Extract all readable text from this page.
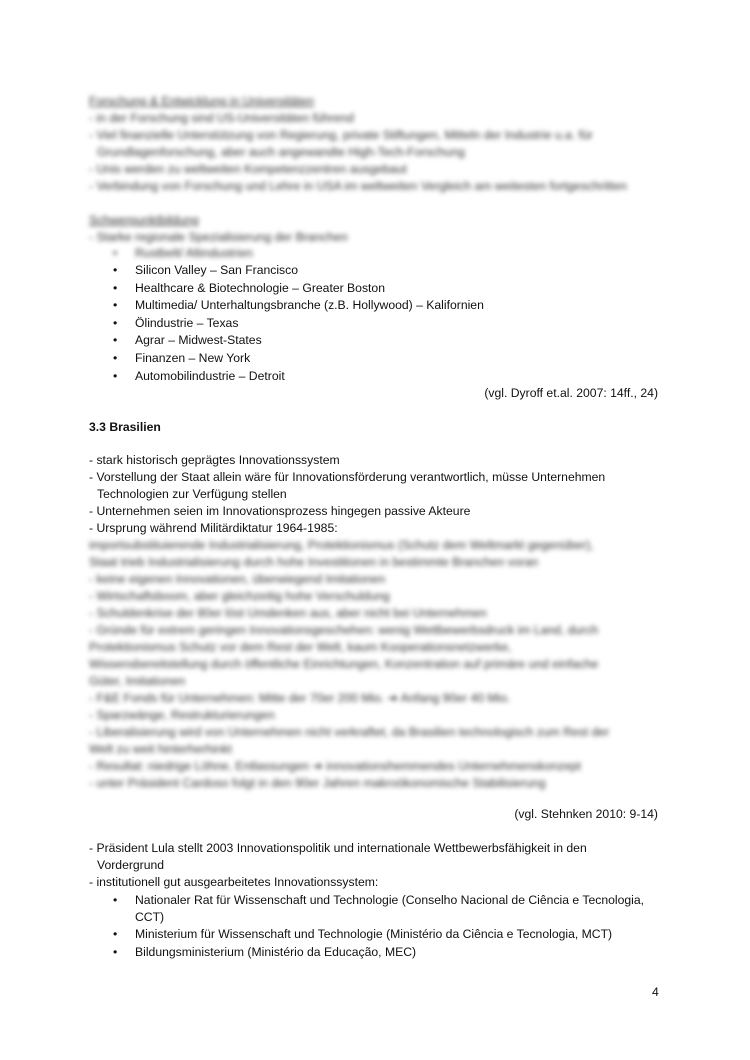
Forschung & Entwicklung in Universitäten
- in der Forschung sind US-Universitäten führend
- Viel finanzielle Unterstützung von Regierung, private Stiftungen, Mitteln der Industrie u.a. für
Grundlagenforschung, aber auch angewandte High-Tech-Forschung
- Unis werden zu weltweiten Kompetenzzentren ausgebaut
- Verbindung von Forschung und Lehre in USA im weltweiten Vergleich am weitesten fortgeschritten
Schwerpunktbildung
- Starke regionale Spezialisierung der Branchen
• Rustbelt/ Altindustrien
• Silicon Valley – San Francisco
• Healthcare & Biotechnologie – Greater Boston
• Multimedia/ Unterhaltungsbranche (z.B. Hollywood) – Kalifornien
• Ölindustrie – Texas
• Agrar – Midwest-States
• Finanzen – New York
• Automobilindustrie – Detroit
(vgl. Dyroff et.al. 2007: 14ff., 24)
3.3 Brasilien
- stark historisch geprägtes Innovationssystem
- Vorstellung der Staat allein wäre für Innovationsförderung verantwortlich, müsse Unternehmen
Technologien zur Verfügung stellen
- Unternehmen seien im Innovationsprozess hingegen passive Akteure
- Ursprung während Militärdiktatur 1964-1985:
importsubstituierende Industrialisierung, Protektionismus (Schutz dem Weltmarkt gegenüber),
Staat trieb Industrialisierung durch hohe Investitionen in bestimmte Branchen voran
- keine eigenen Innovationen, überwiegend Imitationen
- Wirtschaftsboom, aber gleichzeitig hohe Verschuldung
- Schuldenkrise der 80er löst Umdenken aus, aber nicht bei Unternehmen
- Gründe für extrem geringen Innovationsgeschehen: wenig Wettbewerbsdruck im Land, durch
Protektionismus Schutz vor dem Rest der Welt, kaum Kooperationsnetzwerke,
Wissensbereitstellung durch öffentliche Einrichtungen, Konzentration auf primäre und einfache
Güter, Imitationen
- F&E Fonds für Unternehmen: Mitte der 70er 200 Mio. ➔ Anfang 90er 40 Mio.
- Sparzwänge, Restrukturierungen
- Liberalisierung wird von Unternehmen nicht verkraftet, da Brasilien technologisch zum Rest der
Welt zu weit hinterherhinkt
- Resultat: niedrige Löhne, Entlassungen ➔ innovationshemmendes Unternehmenskonzept
- unter Präsident Cardoso folgt in den 90er Jahren makroökonomische Stabilisierung
(vgl. Stehnken 2010: 9-14)
- Präsident Lula stellt 2003 Innovationspolitik und internationale Wettbewerbsfähigkeit in den
Vordergrund
- institutionell gut ausgearbeitetes Innovationssystem:
• Nationaler Rat für Wissenschaft und Technologie (Conselho Nacional de Ciência e Tecnologia,
CCT)
• Ministerium für Wissenschaft und Technologie (Ministério da Ciência e Tecnologia, MCT)
• Bildungsministerium (Ministério da Educação, MEC)
4
